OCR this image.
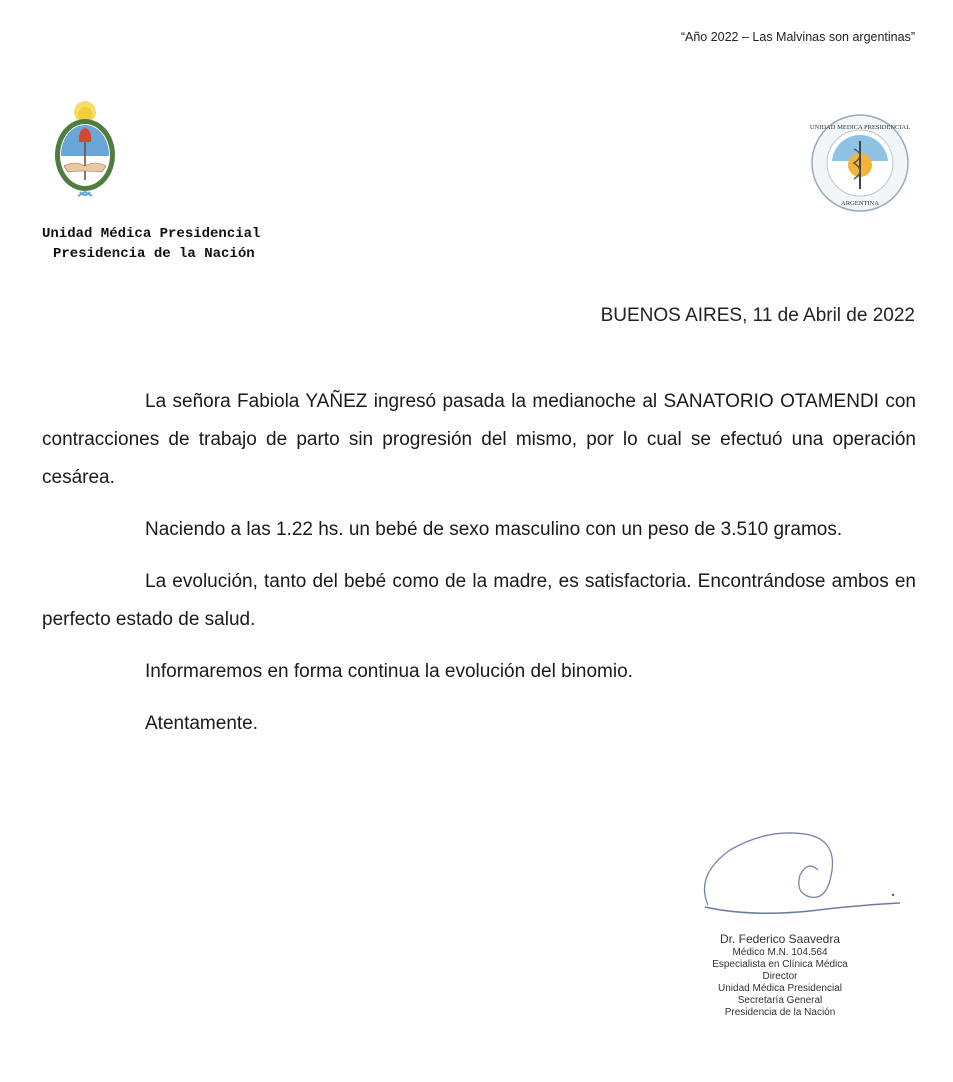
“Año 2022 – Las Malvinas son argentinas”
UNIDAD MEDICA PRESIDENCIAL
ARGENTINA
Unidad Médica Presidencial
Presidencia de la Nación
BUENOS AIRES, 11 de Abril de 2022

La señora Fabiola YAÑEZ ingresó pasada la medianoche al SANATORIO OTAMENDI con contracciones de trabajo de parto sin progresión del mismo, por lo cual se efectuó una operación cesárea.

Naciendo a las 1.22 hs. un bebé de sexo masculino con un peso de 3.510 gramos.

La evolución, tanto del bebé como de la madre, es satisfactoria. Encontrándose ambos en perfecto estado de salud.

Informaremos en forma continua la evolución del binomio.

Atentamente.

Dr. Federico Saavedra
Médico M.N. 104.564
Especialista en Clínica Médica
Director
Unidad Médica Presidencial
Secretaría General
Presidencia de la Nación
